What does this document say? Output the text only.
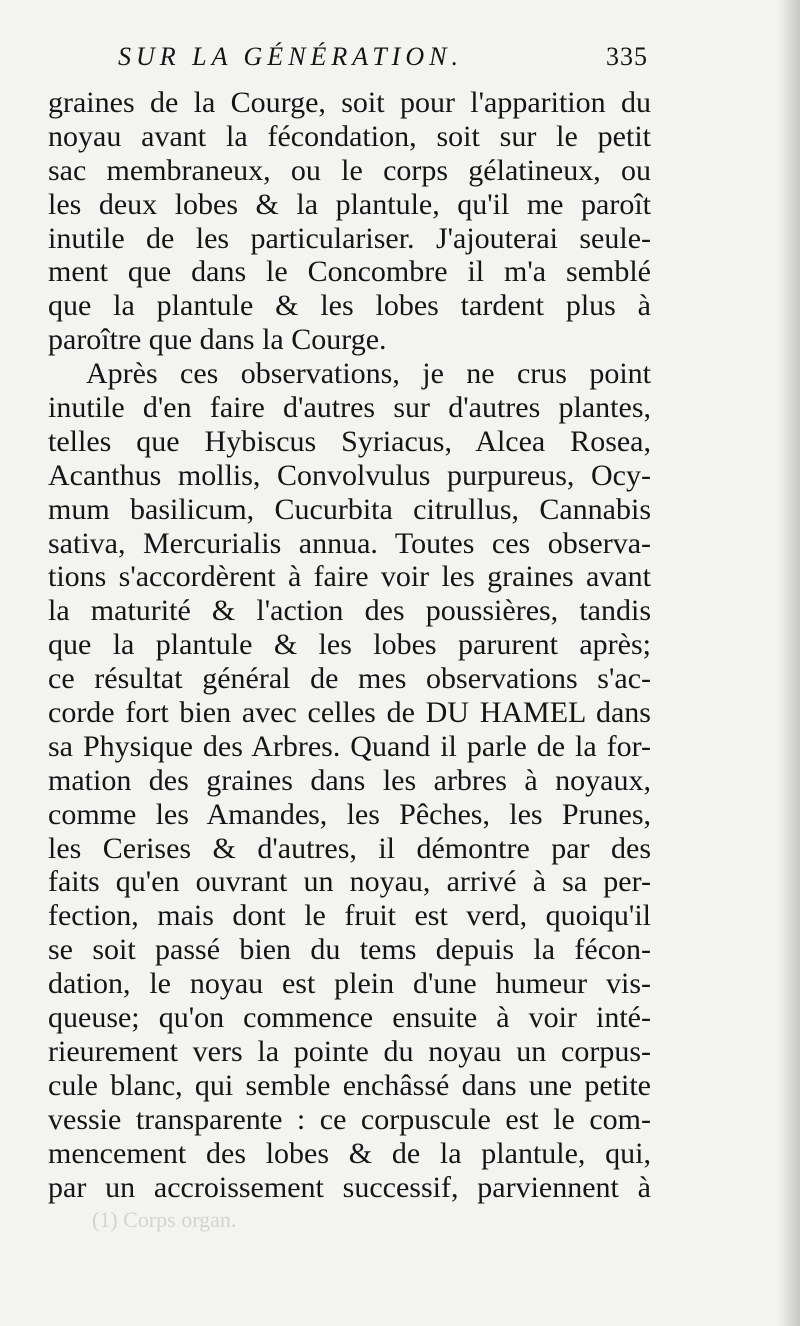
SUR LA GÉNÉRATION.	335
graines de la Courge, soit pour l'apparition du
noyau avant la fécondation, soit sur le petit
sac membraneux, ou le corps gélatineux, ou
les deux lobes & la plantule, qu'il me paroît
inutile de les particulariser. J'ajouterai seule-
ment que dans le Concombre il m'a semblé
que la plantule & les lobes tardent plus à
paroître que dans la Courge.
Après ces observations, je ne crus point
inutile d'en faire d'autres sur d'autres plantes,
telles que Hybiscus Syriacus, Alcea Rosea,
Acanthus mollis, Convolvulus purpureus, Ocy-
mum basilicum, Cucurbita citrullus, Cannabis
sativa, Mercurialis annua. Toutes ces observa-
tions s'accordèrent à faire voir les graines avant
la maturité & l'action des poussières, tandis
que la plantule & les lobes parurent après;
ce résultat général de mes observations s'ac-
corde fort bien avec celles de DU HAMEL dans
sa Physique des Arbres. Quand il parle de la for-
mation des graines dans les arbres à noyaux,
comme les Amandes, les Pêches, les Prunes,
les Cerises & d'autres, il démontre par des
faits qu'en ouvrant un noyau, arrivé à sa per-
fection, mais dont le fruit est verd, quoiqu'il
se soit passé bien du tems depuis la fécon-
dation, le noyau est plein d'une humeur vis-
queuse; qu'on commence ensuite à voir inté-
rieurement vers la pointe du noyau un corpus-
cule blanc, qui semble enchâssé dans une petite
vessie transparente : ce corpuscule est le com-
mencement des lobes & de la plantule, qui,
par un accroissement successif, parviennent à
(1) Corps organ.
